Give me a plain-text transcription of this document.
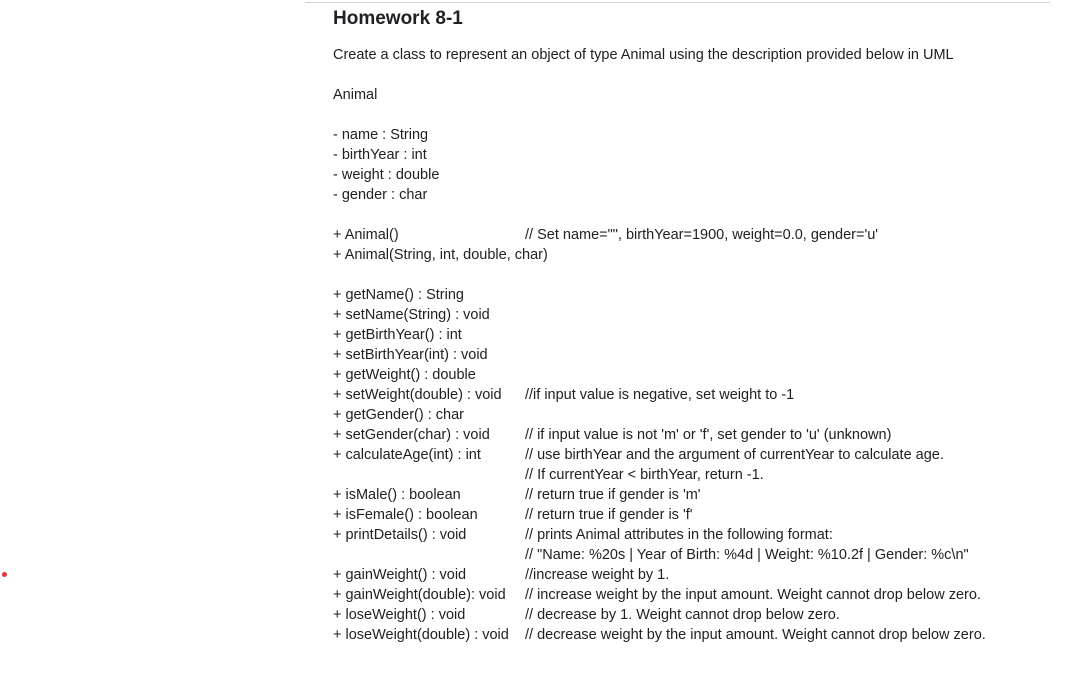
Homework 8-1
Create a class to represent an object of type Animal using the description provided below in UML
Animal
- name : String
- birthYear : int
- weight : double
- gender : char
+ Animal()	// Set name="", birthYear=1900, weight=0.0, gender='u'
+ Animal(String, int, double, char)
+ getName() : String
+ setName(String) : void
+ getBirthYear() : int
+ setBirthYear(int) : void
+ getWeight() : double
+ setWeight(double) : void //if input value is negative, set weight to -1
+ getGender() : char
+ setGender(char) : void // if input value is not 'm' or 'f', set gender to 'u' (unknown)
+ calculateAge(int) : int	// use birthYear and the argument of currentYear to calculate age.
// If currentYear < birthYear, return -1.
+ isMale() : boolean	// return true if gender is 'm'
+ isFemale() : boolean	// return true if gender is 'f'
+ printDetails() : void	// prints Animal attributes in the following format:
// "Name: %20s | Year of Birth: %4d | Weight: %10.2f | Gender: %c\n"
+ gainWeight() : void	//increase weight by 1.
+ gainWeight(double): void // increase weight by the input amount. Weight cannot drop below zero.
+ loseWeight() : void	// decrease by 1. Weight cannot drop below zero.
+ loseWeight(double) : void // decrease weight by the input amount. Weight cannot drop below zero.
